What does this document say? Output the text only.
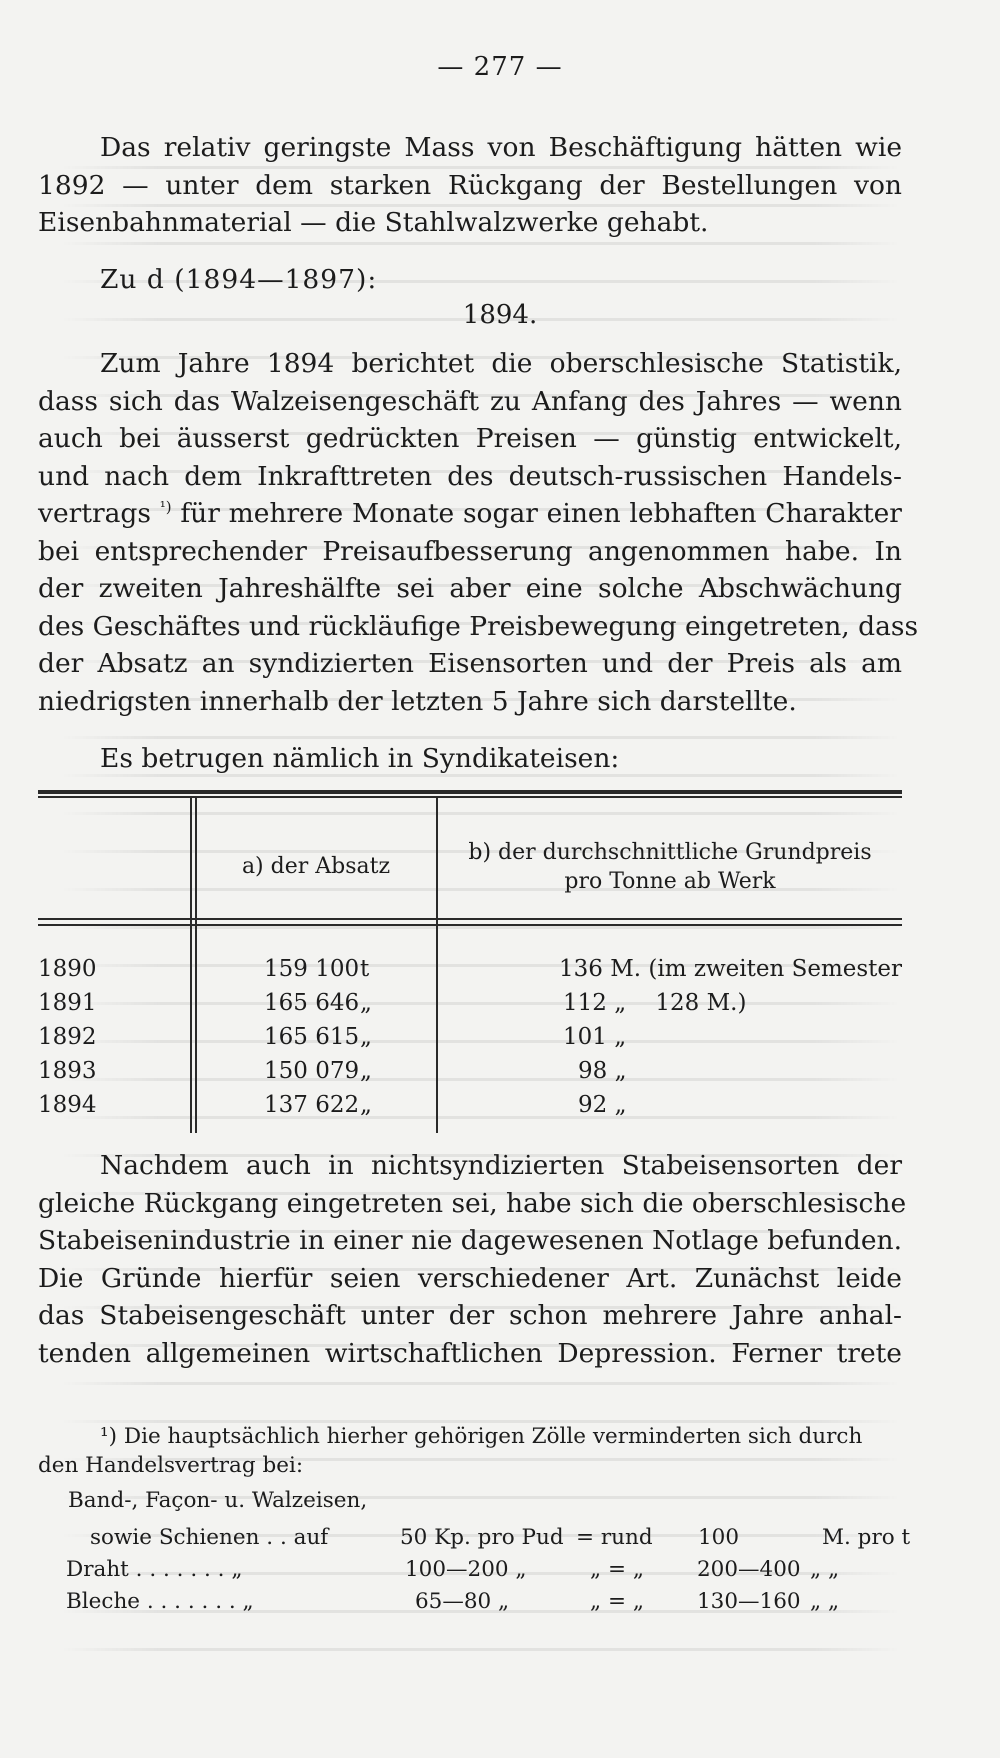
— 277 —
Das relativ geringste Mass von Beschäftigung hätten wie
1892 — unter dem starken Rückgang der Bestellungen von
Eisenbahnmaterial — die Stahlwalzwerke gehabt.
Zu d (1894—1897):
1894.
Zum Jahre 1894 berichtet die oberschlesische Statistik,
dass sich das Walzeisengeschäft zu Anfang des Jahres — wenn
auch bei äusserst gedrückten Preisen — günstig entwickelt,
und nach dem Inkrafttreten des deutsch-russischen Handels-
vertrags $^{^1)}$ für mehrere Monate sogar einen lebhaften Charakter
bei entsprechender Preisaufbesserung angenommen habe. In
der zweiten Jahreshälfte sei aber eine solche Abschwächung
des Geschäftes und rückläufige Preisbewegung eingetreten, dass
der Absatz an syndizierten Eisensorten und der Preis als am
niedrigsten innerhalb der letzten 5 Jahre sich darstellte.
Es betrugen nämlich in Syndikateisen:
a) der Absatz
b) der durchschnittliche Grundpreis
pro Tonne ab Werk
1890	159 100 t	136 M. (im zweiten Semester
1891	165 646 „	112 „    128 M.)
1892	165 615 „	101 „
1893	150 079 „	98 „
1894	137 622 „	92 „
Nachdem auch in nichtsyndizierten Stabeisensorten der
gleiche Rückgang eingetreten sei, habe sich die oberschlesische
Stabeisenindustrie in einer nie dagewesenen Notlage befunden.
Die Gründe hierfür seien verschiedener Art. Zunächst leide
das Stabeisengeschäft unter der schon mehrere Jahre anhal-
tenden allgemeinen wirtschaftlichen Depression. Ferner trete
¹) Die hauptsächlich hierher gehörigen Zölle verminderten sich durch
den Handelsvertrag bei:
Band-, Façon- u. Walzeisen,
sowie Schienen . . auf	50 Kp. pro Pud = rund 100	M. pro t
Draht . . . . . . . „	100—200 „	„ = „ 200—400 „ „
Bleche . . . . . . . „	65—80 „	„ = „ 130—160 „ „
